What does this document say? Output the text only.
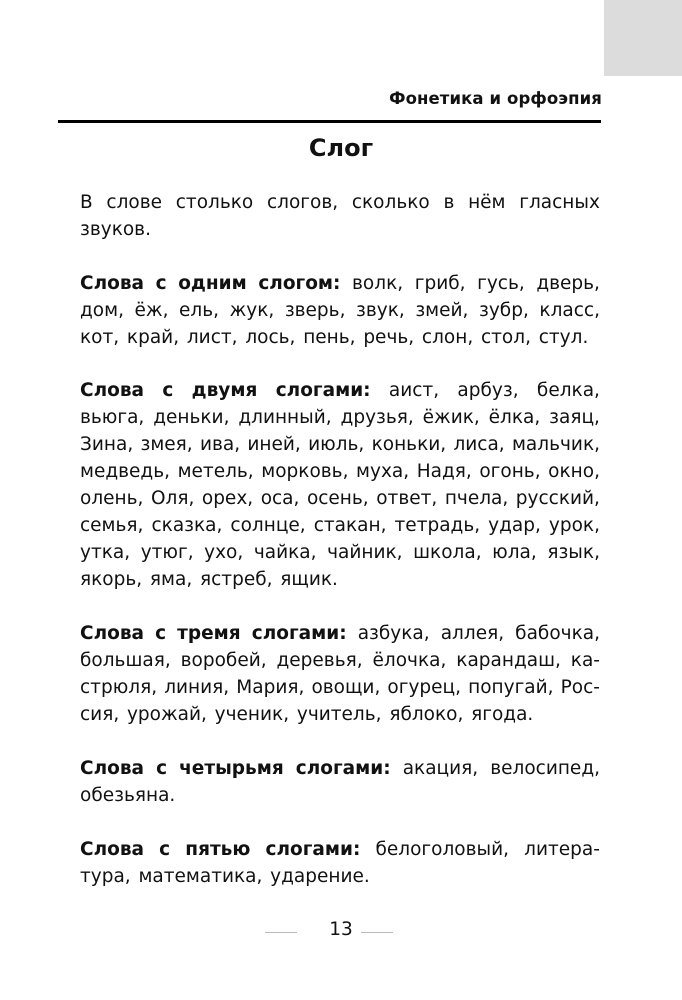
Фонетика и орфоэпия
Слог
В слове столько слогов, сколько в нём гласных
звуков.
Слова с одним слогом: волк, гриб, гусь, дверь,
дом, ёж, ель, жук, зверь, звук, змей, зубр, класс,
кот, край, лист, лось, пень, речь, слон, стол, стул.
Слова с двумя слогами: аист, арбуз, белка,
вьюга, деньки, длинный, друзья, ёжик, ёлка, заяц,
Зина, змея, ива, иней, июль, коньки, лиса, мальчик,
медведь, метель, морковь, муха, Надя, огонь, окно,
олень, Оля, орех, оса, осень, ответ, пчела, русский,
семья, сказка, солнце, стакан, тетрадь, удар, урок,
утка, утюг, ухо, чайка, чайник, школа, юла, язык,
якорь, яма, ястреб, ящик.
Слова с тремя слогами: азбука, аллея, бабочка,
большая, воробей, деревья, ёлочка, карандаш, ка-
стрюля, линия, Мария, овощи, огурец, попугай, Рос-
сия, урожай, ученик, учитель, яблоко, ягода.
Слова с четырьмя слогами: акация, велосипед,
обезьяна.
Слова с пятью слогами: белоголовый, литера-
тура, математика, ударение.
13
